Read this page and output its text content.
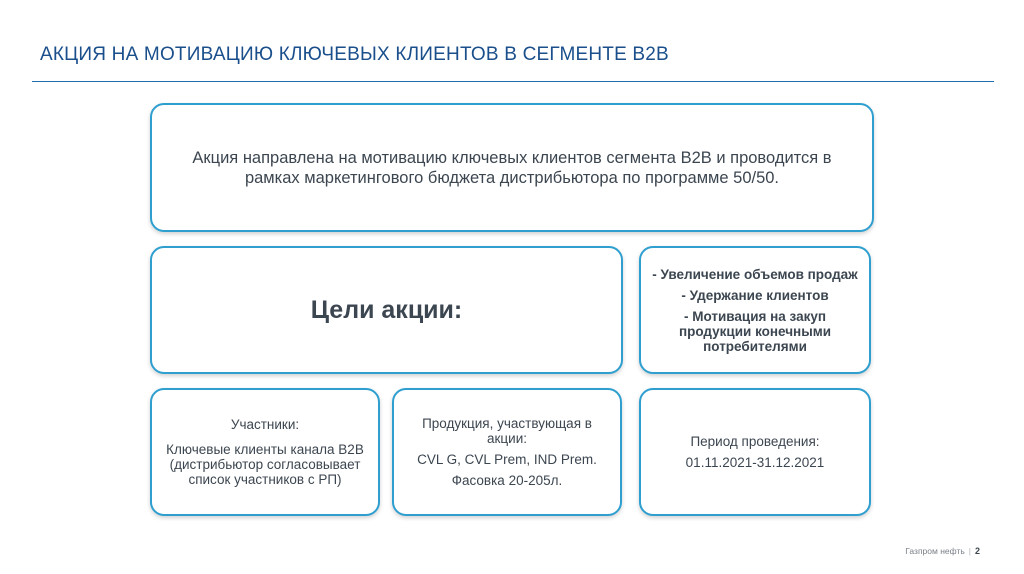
АКЦИЯ НА МОТИВАЦИЮ КЛЮЧЕВЫХ КЛИЕНТОВ В СЕГМЕНТЕ B2B
Акция направлена на мотивацию ключевых клиентов сегмента B2B и проводится в рамках маркетингового бюджета дистрибьютора по программе 50/50.
Цели акции:
- Увеличение объемов продаж
- Удержание клиентов
- Мотивация на закуп продукции конечными потребителями
Участники:
Ключевые клиенты канала B2B (дистрибьютор согласовывает список участников с РП)
Продукция, участвующая в акции:
CVL G, CVL Prem, IND Prem.
Фасовка 20-205л.
Период проведения:
01.11.2021-31.12.2021
Газпром нефть | 2
